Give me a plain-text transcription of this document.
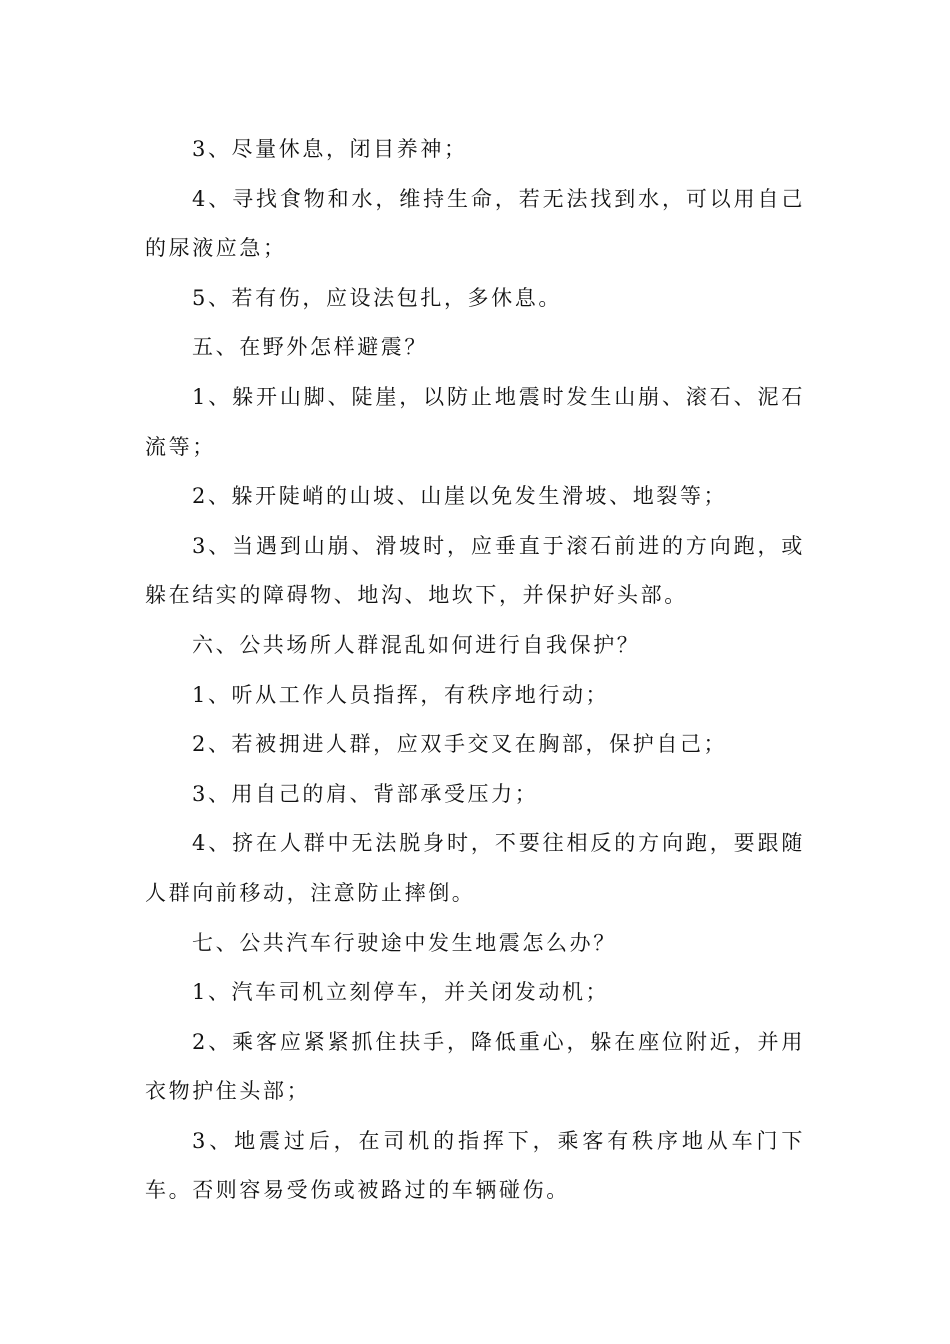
3、尽量休息，闭目养神；

4、寻找食物和水，维持生命，若无法找到水，可以用自己的尿液应急；

5、若有伤，应设法包扎，多休息。

五、在野外怎样避震？

1、躲开山脚、陡崖，以防止地震时发生山崩、滚石、泥石流等；

2、躲开陡峭的山坡、山崖以免发生滑坡、地裂等；

3、当遇到山崩、滑坡时，应垂直于滚石前进的方向跑，或躲在结实的障碍物、地沟、地坎下，并保护好头部。

六、公共场所人群混乱如何进行自我保护？

1、听从工作人员指挥，有秩序地行动；

2、若被拥进人群，应双手交叉在胸部，保护自己；

3、用自己的肩、背部承受压力；

4、挤在人群中无法脱身时，不要往相反的方向跑，要跟随人群向前移动，注意防止摔倒。

七、公共汽车行驶途中发生地震怎么办？

1、汽车司机立刻停车，并关闭发动机；

2、乘客应紧紧抓住扶手，降低重心，躲在座位附近，并用衣物护住头部；

3、地震过后，在司机的指挥下，乘客有秩序地从车门下车。否则容易受伤或被路过的车辆碰伤。
